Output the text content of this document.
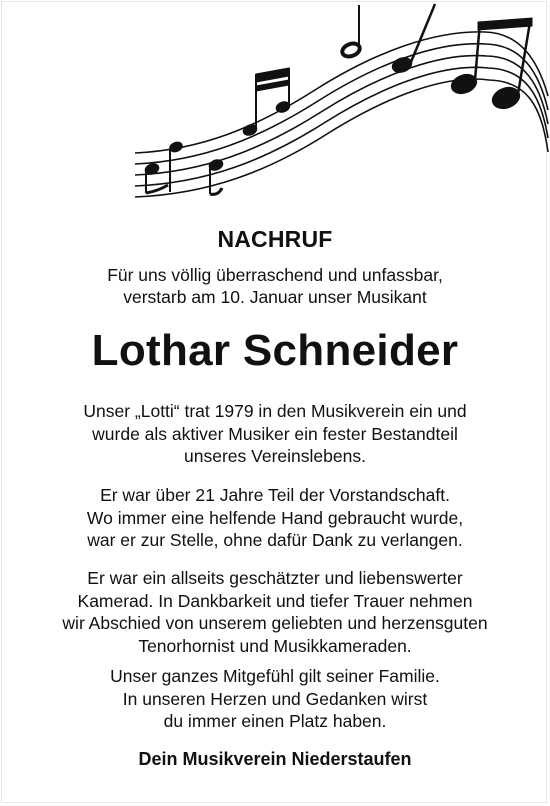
NACHRUF
Für uns völlig überraschend und unfassbar,
verstarb am 10. Januar unser Musikant
Lothar Schneider
Unser „Lotti“ trat 1979 in den Musikverein ein und
wurde als aktiver Musiker ein fester Bestandteil
unseres Vereinslebens.
Er war über 21 Jahre Teil der Vorstandschaft.
Wo immer eine helfende Hand gebraucht wurde,
war er zur Stelle, ohne dafür Dank zu verlangen.
Er war ein allseits geschätzter und liebenswerter
Kamerad. In Dankbarkeit und tiefer Trauer nehmen
wir Abschied von unserem geliebten und herzensguten
Tenorhornist und Musikkameraden.
Unser ganzes Mitgefühl gilt seiner Familie.
In unseren Herzen und Gedanken wirst
du immer einen Platz haben.
Dein Musikverein Niederstaufen
